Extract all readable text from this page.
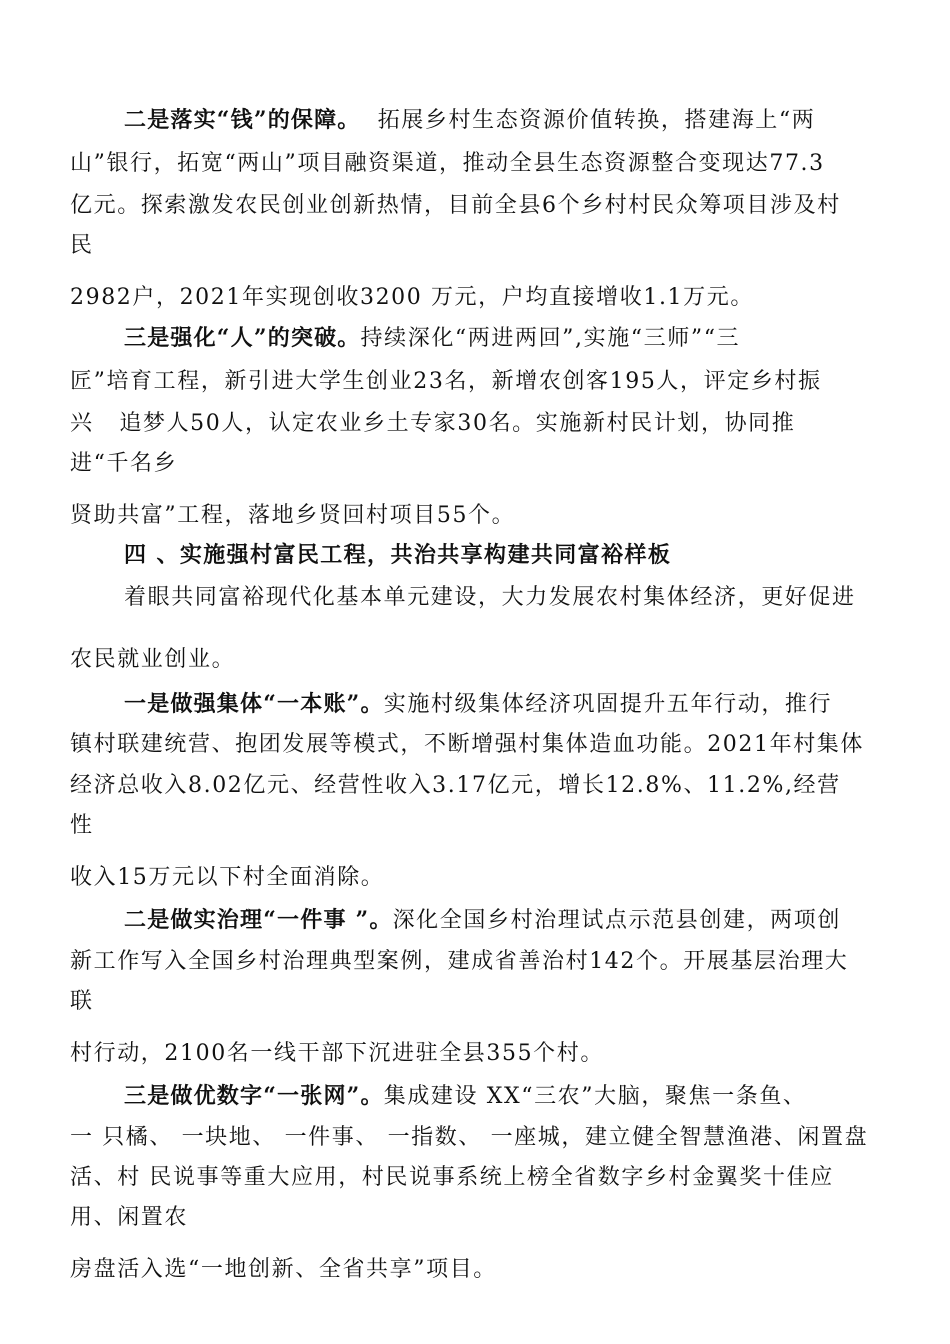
二是落实“钱”的保障。  拓展乡村生态资源价值转换，搭建海上“两
山”银行，拓宽“两山”项目融资渠道，推动全县生态资源整合变现达77.3
亿元。探索激发农民创业创新热情，目前全县6个乡村村民众筹项目涉及村
民
2982户，2021年实现创收3200 万元，户均直接增收1.1万元。
三是强化“人”的突破。持续深化“两进两回”,实施“三师”“三
匠”培育工程，新引进大学生创业23名，新增农创客195人，评定乡村振
兴   追梦人50人，认定农业乡土专家30名。实施新村民计划，协同推
进“千名乡
贤助共富”工程，落地乡贤回村项目55个。
四 、实施强村富民工程，共治共享构建共同富裕样板
着眼共同富裕现代化基本单元建设，大力发展农村集体经济，更好促进
农民就业创业。
一是做强集体“一本账”。实施村级集体经济巩固提升五年行动，推行
镇村联建统营、抱团发展等模式，不断增强村集体造血功能。2021年村集体
经济总收入8.02亿元、经营性收入3.17亿元，增长12.8%、11.2%,经营
性
收入15万元以下村全面消除。
二是做实治理“一件事 ”。深化全国乡村治理试点示范县创建，两项创
新工作写入全国乡村治理典型案例，建成省善治村142个。开展基层治理大
联
村行动，2100名一线干部下沉进驻全县355个村。
三是做优数字“一张网”。集成建设 XX“三农”大脑，聚焦一条鱼、
一 只橘、 一块地、 一件事、 一指数、 一座城，建立健全智慧渔港、闲置盘
活、村 民说事等重大应用，村民说事系统上榜全省数字乡村金翼奖十佳应
用、闲置农
房盘活入选“一地创新、全省共享”项目。
